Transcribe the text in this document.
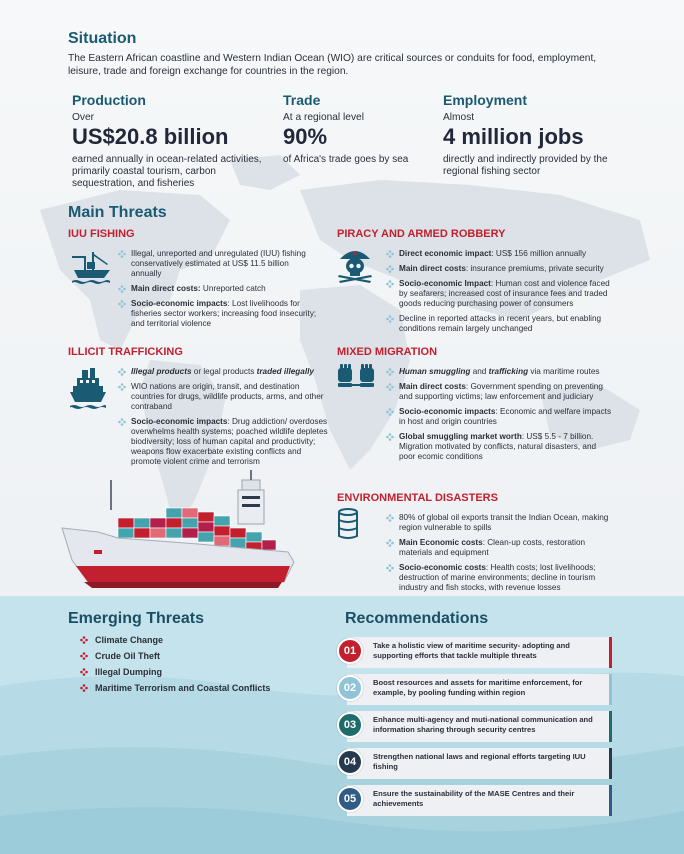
Situation

The Eastern African coastline and Western Indian Ocean (WIO) are critical sources or conduits for food, employment, leisure, trade and foreign exchange for countries in the region.

Production
Over
US$20.8 billion
earned annually in ocean-related activities, primarily coastal tourism, carbon sequestration, and fisheries
Trade
At a regional level
90%
of Africa's trade goes by sea
Employment
Almost
4 million jobs
directly and indirectly provided by the regional fishing sector
Main Threats
IUU FISHING
Illegal, unreported and unregulated (IUU) fishing conservatively estimated at US$ 11.5 billion annually
Main direct costs: Unreported catch
Socio-economic impacts: Lost livelihoods for fisheries sector workers; increasing food insecurity; and territorial violence
PIRACY AND ARMED ROBBERY
Direct economic impact: US$ 156 million annually
Main direct costs: insurance premiums, private security
Socio-economic Impact: Human cost and violence faced by seafarers; increased cost of insurance fees and traded goods reducing purchasing power of consumers
Decline in reported attacks in recent years, but enabling conditions remain largely unchanged
ILLICIT TRAFFICKING
Illegal products or legal products traded illegally
WIO nations are origin, transit, and destination countries for drugs, wildlife products, arms, and other contraband
Socio-economic impacts: Drug addiction/ overdoses overwhelms health systems; poached wildlife depletes biodiversity; loss of human capital and productivity; weapons flow exacerbate existing conflicts and promote violent crime and terrorism
MIXED MIGRATION
Human smuggling and trafficking via maritime routes
Main direct costs: Government spending on preventing and supporting victims; law enforcement and judiciary
Socio-economic impacts: Economic and welfare impacts in host and origin countries
Global smuggling market worth: US$ 5.5 - 7 billion. Migration motivated by conflicts, natural disasters, and poor ecomic conditions
ENVIRONMENTAL DISASTERS
80% of global oil exports transit the Indian Ocean, making region vulnerable to spills
Main Economic costs: Clean-up costs, restoration materials and equipment
Socio-economic costs: Health costs; lost livelihoods; destruction of marine environments; decline in tourism industry and fish stocks, with revenue losses
Emerging Threats
Climate Change
Crude Oil Theft
Illegal Dumping
Maritime Terrorism and Coastal Conflicts
Recommendations
01	Take a holistic view of maritime security- adopting and supporting efforts that tackle multiple threats
02	Boost resources and assets for maritime enforcement, for example, by pooling funding within region
03	Enhance multi-agency and muti-national communication and information sharing through security centres
04	Strengthen national laws and regional efforts targeting IUU fishing
05	Ensure the sustainability of the MASE Centres and their achievements
